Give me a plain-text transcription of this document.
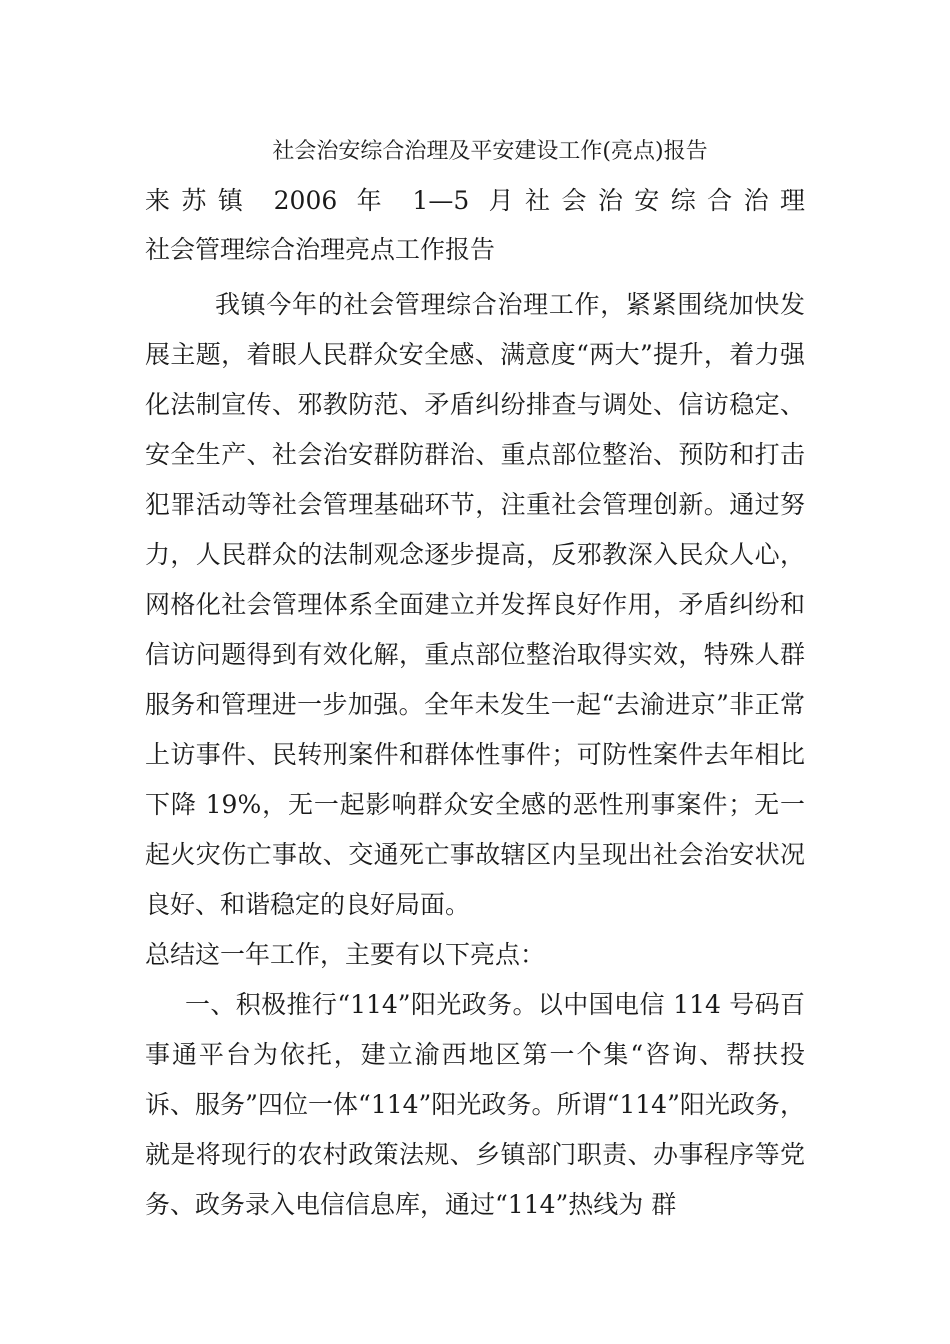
社会治安综合治理及平安建设工作(亮点)报告
来苏镇 2006 年 1—5 月社会治安综合治理
社会管理综合治理亮点工作报告

我镇今年的社会管理综合治理工作，紧紧围绕加快发展主题，着眼人民群众安全感、满意度“两大”提升，着力强化法制宣传、邪教防范、矛盾纠纷排查与调处、信访稳定、安全生产、社会治安群防群治、重点部位整治、预防和打击犯罪活动等社会管理基础环节，注重社会管理创新。通过努力，人民群众的法制观念逐步提高，反邪教深入民众人心，网格化社会管理体系全面建立并发挥良好作用，矛盾纠纷和信访问题得到有效化解，重点部位整治取得实效，特殊人群服务和管理进一步加强。全年未发生一起“去渝进京”非正常上访事件、民转刑案件和群体性事件；可防性案件去年相比下降 19%，无一起影响群众安全感的恶性刑事案件；无一起火灾伤亡事故、交通死亡事故辖区内呈现出社会治安状况良好、和谐稳定的良好局面。

总结这一年工作，主要有以下亮点：

一、积极推行“114”阳光政务。以中国电信 114 号码百事通平台为依托，建立渝西地区第一个集“咨询、帮扶投诉、服务”四位一体“114”阳光政务。所谓“114”阳光政务，就是将现行的农村政策法规、乡镇部门职责、办事程序等党务、政务录入电信信息库，通过“114”热线为 群
